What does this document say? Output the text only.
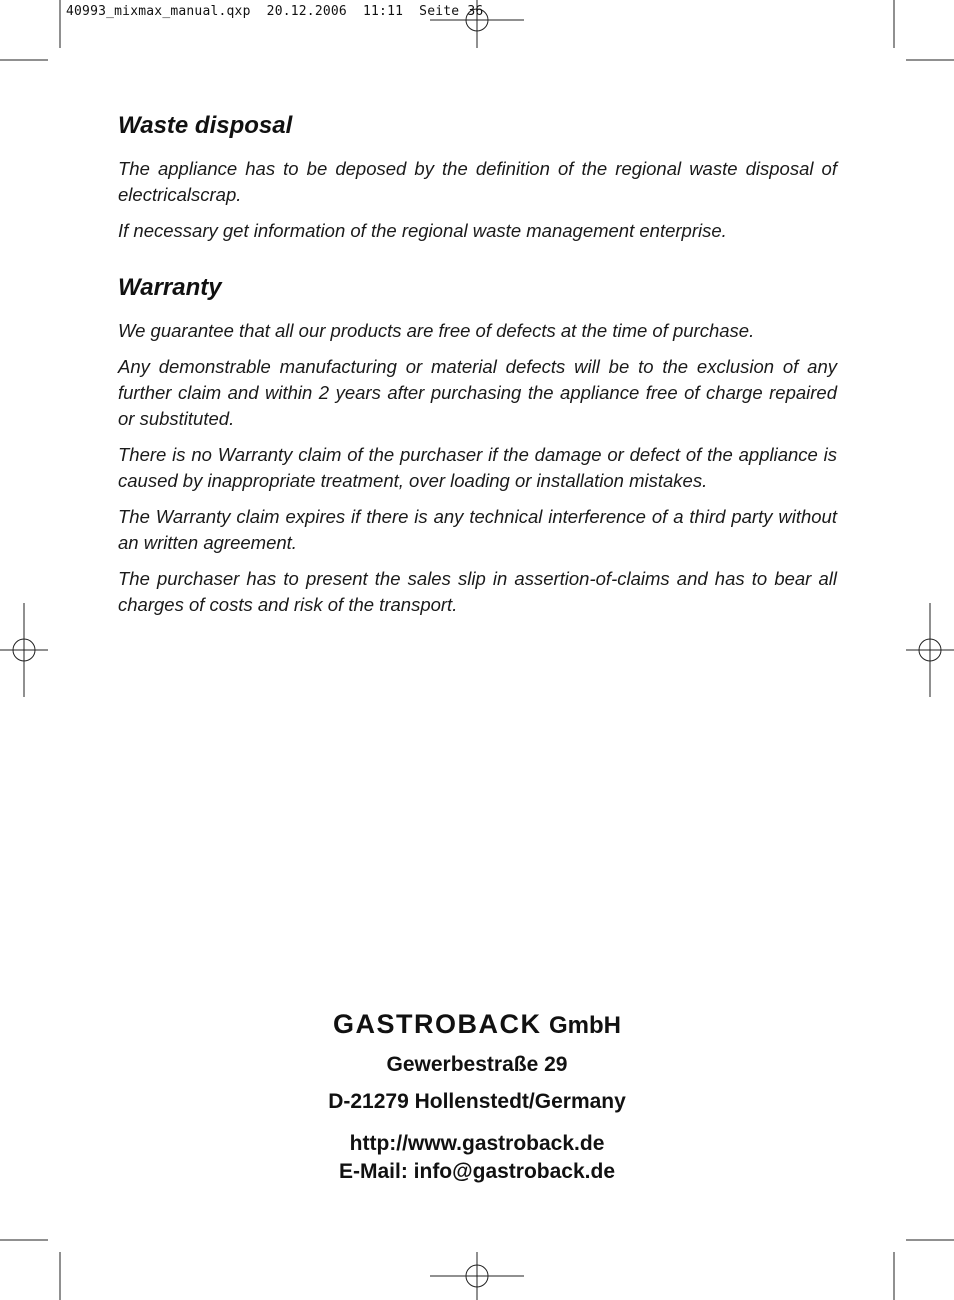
40993_mixmax_manual.qxp  20.12.2006  11:11  Seite 36
Waste disposal

The appliance has to be deposed by the definition of the regional waste disposal of electricalscrap.

If necessary get information of the regional waste management enterprise.

Warranty

We guarantee that all our products are free of defects at the time of purchase.

Any demonstrable manufacturing or material defects will be to the exclusion of any further claim and within 2 years after purchasing the appliance free of charge repaired or substituted.

There is no Warranty claim of the purchaser if the damage or defect of the appliance is caused by inappropriate treatment, over loading or installation mistakes.

The Warranty claim expires if there is any technical interference of a third party without an written agreement.

The purchaser has to present the sales slip in assertion-of-claims and has to bear all charges of costs and risk of the transport.

GASTROBACK GmbH

Gewerbestraße 29

D-21279 Hollenstedt/Germany

http://www.gastroback.de

E-Mail: info@gastroback.de
